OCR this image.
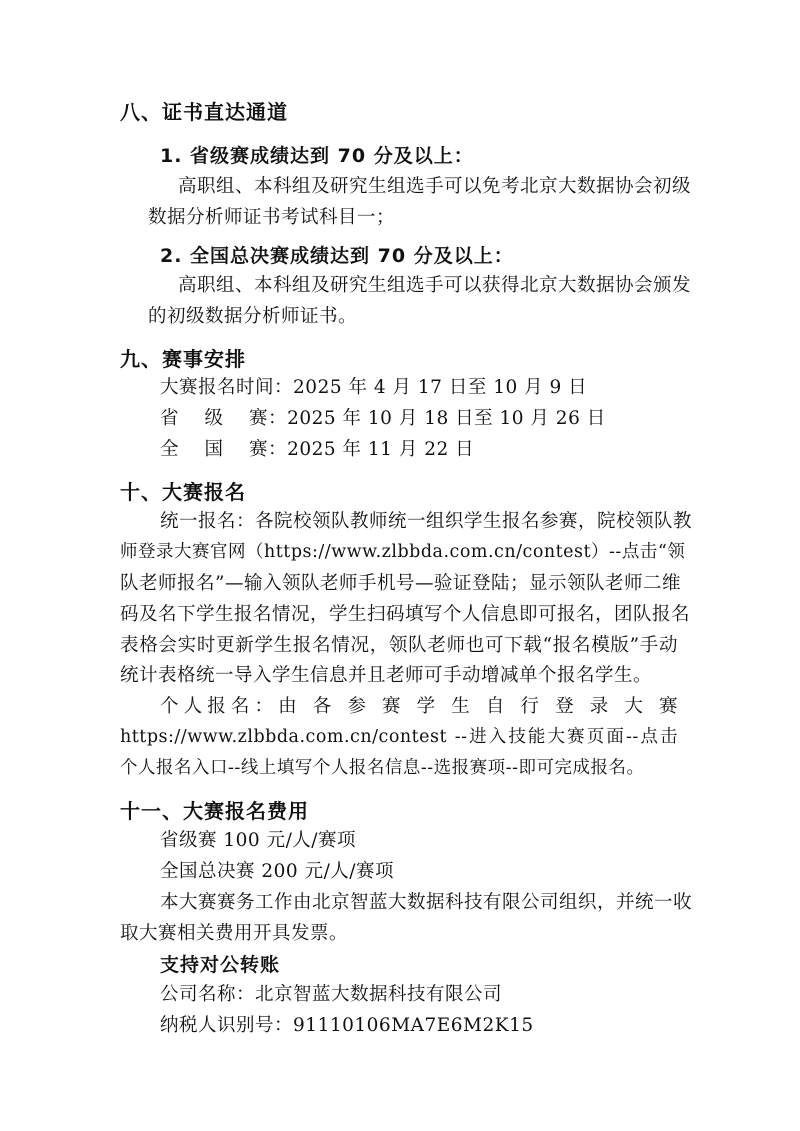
八、证书直达通道
1. 省级赛成绩达到 70 分及以上：
高职组、本科组及研究生组选手可以免考北京大数据协会初级
数据分析师证书考试科目一；
2. 全国总决赛成绩达到 70 分及以上：
高职组、本科组及研究生组选手可以获得北京大数据协会颁发
的初级数据分析师证书。
九、赛事安排
大赛报名时间：2025 年 4 月 17 日至 10 月 9 日
省    级    赛：2025 年 10 月 18 日至 10 月 26 日
全    国    赛：2025 年 11 月 22 日
十、大赛报名
统一报名：各院校领队教师统一组织学生报名参赛，院校领队教
师登录大赛官网（https://www.zlbbda.com.cn/contest）--点击“领
队老师报名”—输入领队老师手机号—验证登陆；显示领队老师二维
码及名下学生报名情况，学生扫码填写个人信息即可报名，团队报名
表格会实时更新学生报名情况，领队老师也可下载“报名模版”手动
统计表格统一导入学生信息并且老师可手动增减单个报名学生。
个人报名：由 各 参 赛 学 生 自 行 登 录 大 赛
https://www.zlbbda.com.cn/contest --进入技能大赛页面--点击
个人报名入口--线上填写个人报名信息--选报赛项--即可完成报名。
十一、大赛报名费用
省级赛 100 元/人/赛项
全国总决赛 200 元/人/赛项
本大赛赛务工作由北京智蓝大数据科技有限公司组织，并统一收
取大赛相关费用开具发票。
支持对公转账
公司名称：北京智蓝大数据科技有限公司
纳税人识别号：91110106MA7E6M2K15
